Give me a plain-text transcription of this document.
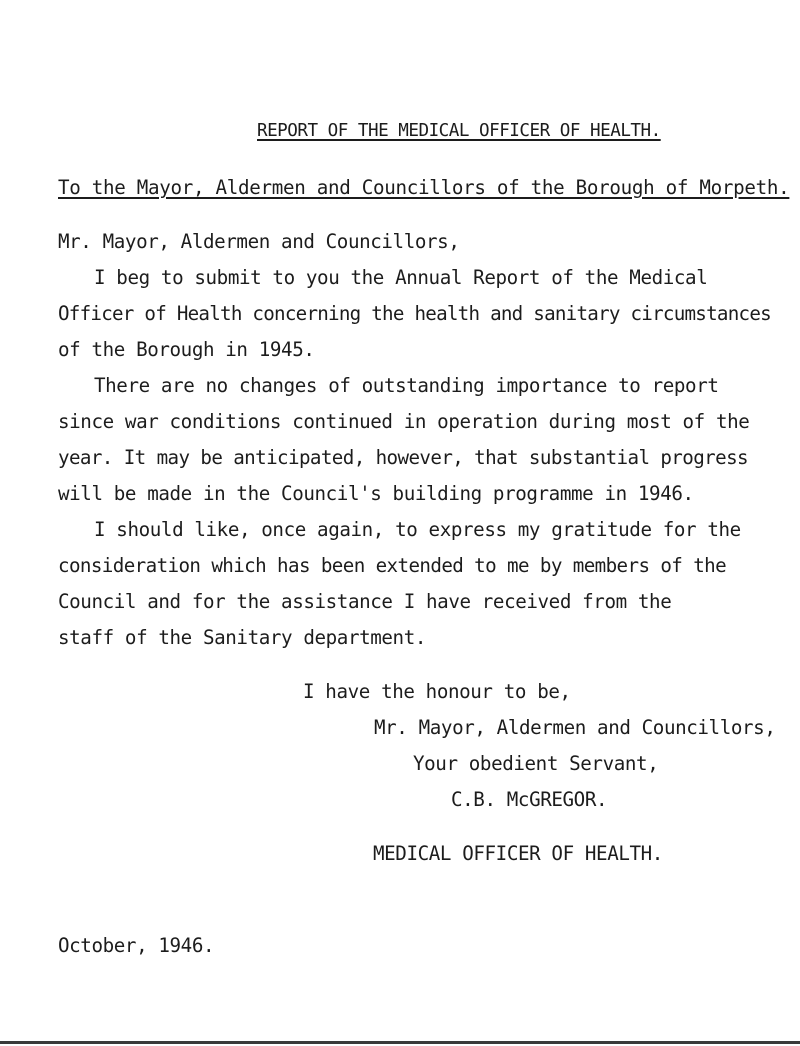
REPORT OF THE MEDICAL OFFICER OF HEALTH.
To the Mayor, Aldermen and Councillors of the Borough of Morpeth.
Mr. Mayor, Aldermen and Councillors,
I beg to submit to you the Annual Report of the Medical
Officer of Health concerning the health and sanitary circumstances
of the Borough in 1945.
There are no changes of outstanding importance to report
since war conditions continued in operation during most of the
year. It may be anticipated, however, that substantial progress
will be made in the Council's building programme in 1946.
I should like, once again, to express my gratitude for the
consideration which has been extended to me by members of the
Council and for the assistance I have received from the
staff of the Sanitary department.
I have the honour to be,
Mr. Mayor, Aldermen and Councillors,
Your obedient Servant,
C.B. McGREGOR.
MEDICAL OFFICER OF HEALTH.
October, 1946.
